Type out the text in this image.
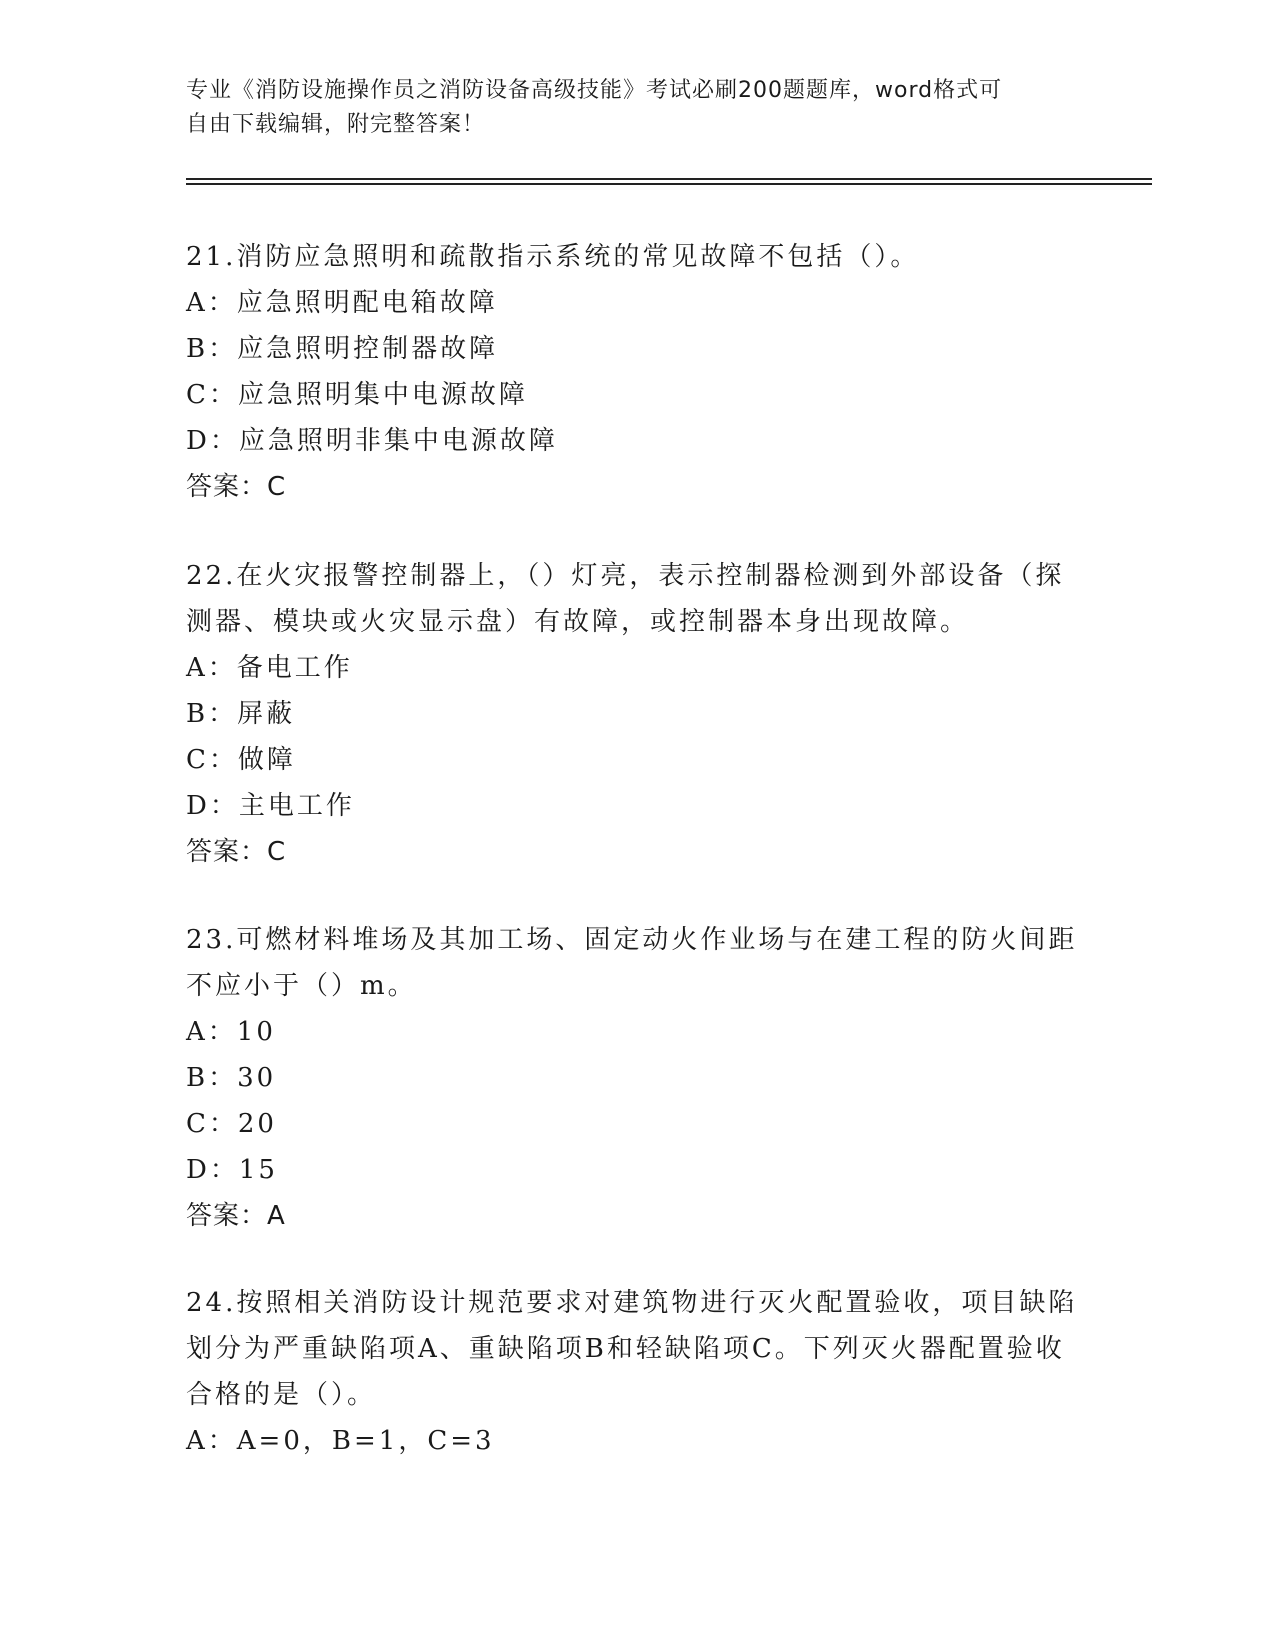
专业《消防设施操作员之消防设备高级技能》考试必刷200题题库，word格式可
自由下载编辑，附完整答案！

21.消防应急照明和疏散指示系统的常见故障不包括（）。

A：应急照明配电箱故障

B：应急照明控制器故障

C：应急照明集中电源故障

D：应急照明非集中电源故障

答案：C

22.在火灾报警控制器上，（）灯亮，表示控制器检测到外部设备（探

测器、模块或火灾显示盘）有故障，或控制器本身出现故障。

A：备电工作

B：屏蔽

C：做障

D：主电工作

答案：C

23.可燃材料堆场及其加工场、固定动火作业场与在建工程的防火间距

不应小于（）m。

A：10

B：30

C：20

D：15

答案：A

24.按照相关消防设计规范要求对建筑物进行灭火配置验收，项目缺陷

划分为严重缺陷项A、重缺陷项B和轻缺陷项C。下列灭火器配置验收

合格的是（）。

A：A=0，B=1，C=3
